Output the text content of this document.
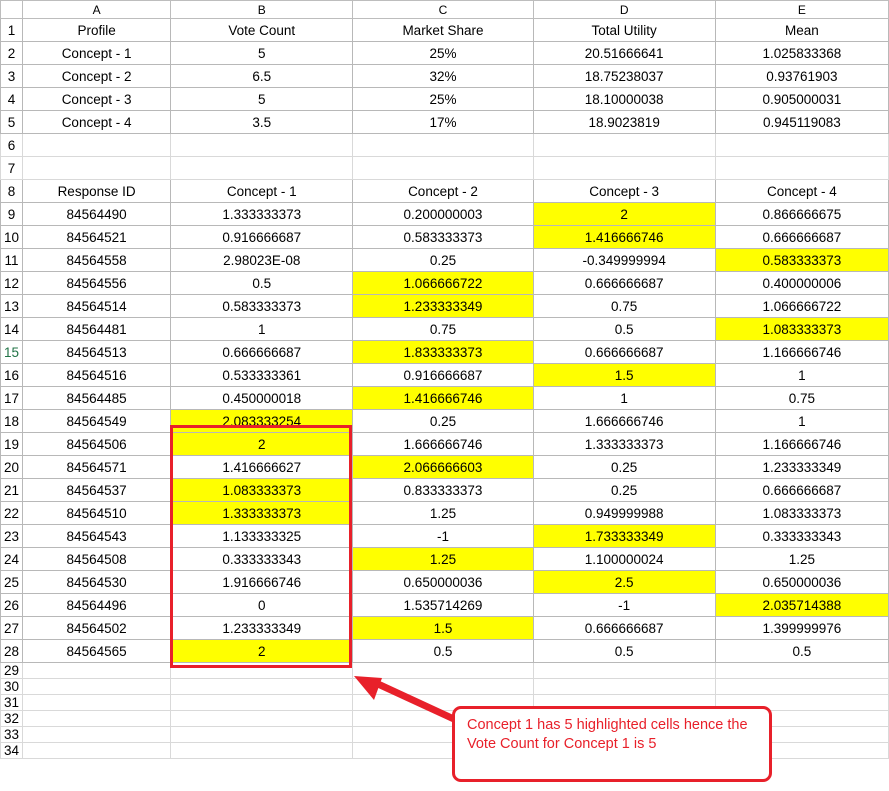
	A	B	C	D	E
1	Profile	Vote Count	Market Share	Total Utility	Mean
2	Concept - 1	5	25%	20.51666641	1.025833368
3	Concept - 2	6.5	32%	18.75238037	0.93761903
4	Concept - 3	5	25%	18.10000038	0.905000031
5	Concept - 4	3.5	17%	18.9023819	0.945119083
6					
7					
8	Response ID	Concept - 1	Concept - 2	Concept - 3	Concept - 4
9	84564490	1.333333373	0.200000003	2	0.866666675
10	84564521	0.916666687	0.583333373	1.416666746	0.666666687
11	84564558	2.98023E-08	0.25	-0.349999994	0.583333373
12	84564556	0.5	1.066666722	0.666666687	0.400000006
13	84564514	0.583333373	1.233333349	0.75	1.066666722
14	84564481	1	0.75	0.5	1.083333373
15	84564513	0.666666687	1.833333373	0.666666687	1.166666746
16	84564516	0.533333361	0.916666687	1.5	1
17	84564485	0.450000018	1.416666746	1	0.75
18	84564549	2.083333254	0.25	1.666666746	1
19	84564506	2	1.666666746	1.333333373	1.166666746
20	84564571	1.416666627	2.066666603	0.25	1.233333349
21	84564537	1.083333373	0.833333373	0.25	0.666666687
22	84564510	1.333333373	1.25	0.949999988	1.083333373
23	84564543	1.133333325	-1	1.733333349	0.333333343
24	84564508	0.333333343	1.25	1.100000024	1.25
25	84564530	1.916666746	0.650000036	2.5	0.650000036
26	84564496	0	1.535714269	-1	2.035714388
27	84564502	1.233333349	1.5	0.666666687	1.399999976
28	84564565	2	0.5	0.5	0.5
29					
30					
31					
32					
33					
34					
Concept 1 has 5 highlighted cells hence the Vote Count for Concept 1 is 5
